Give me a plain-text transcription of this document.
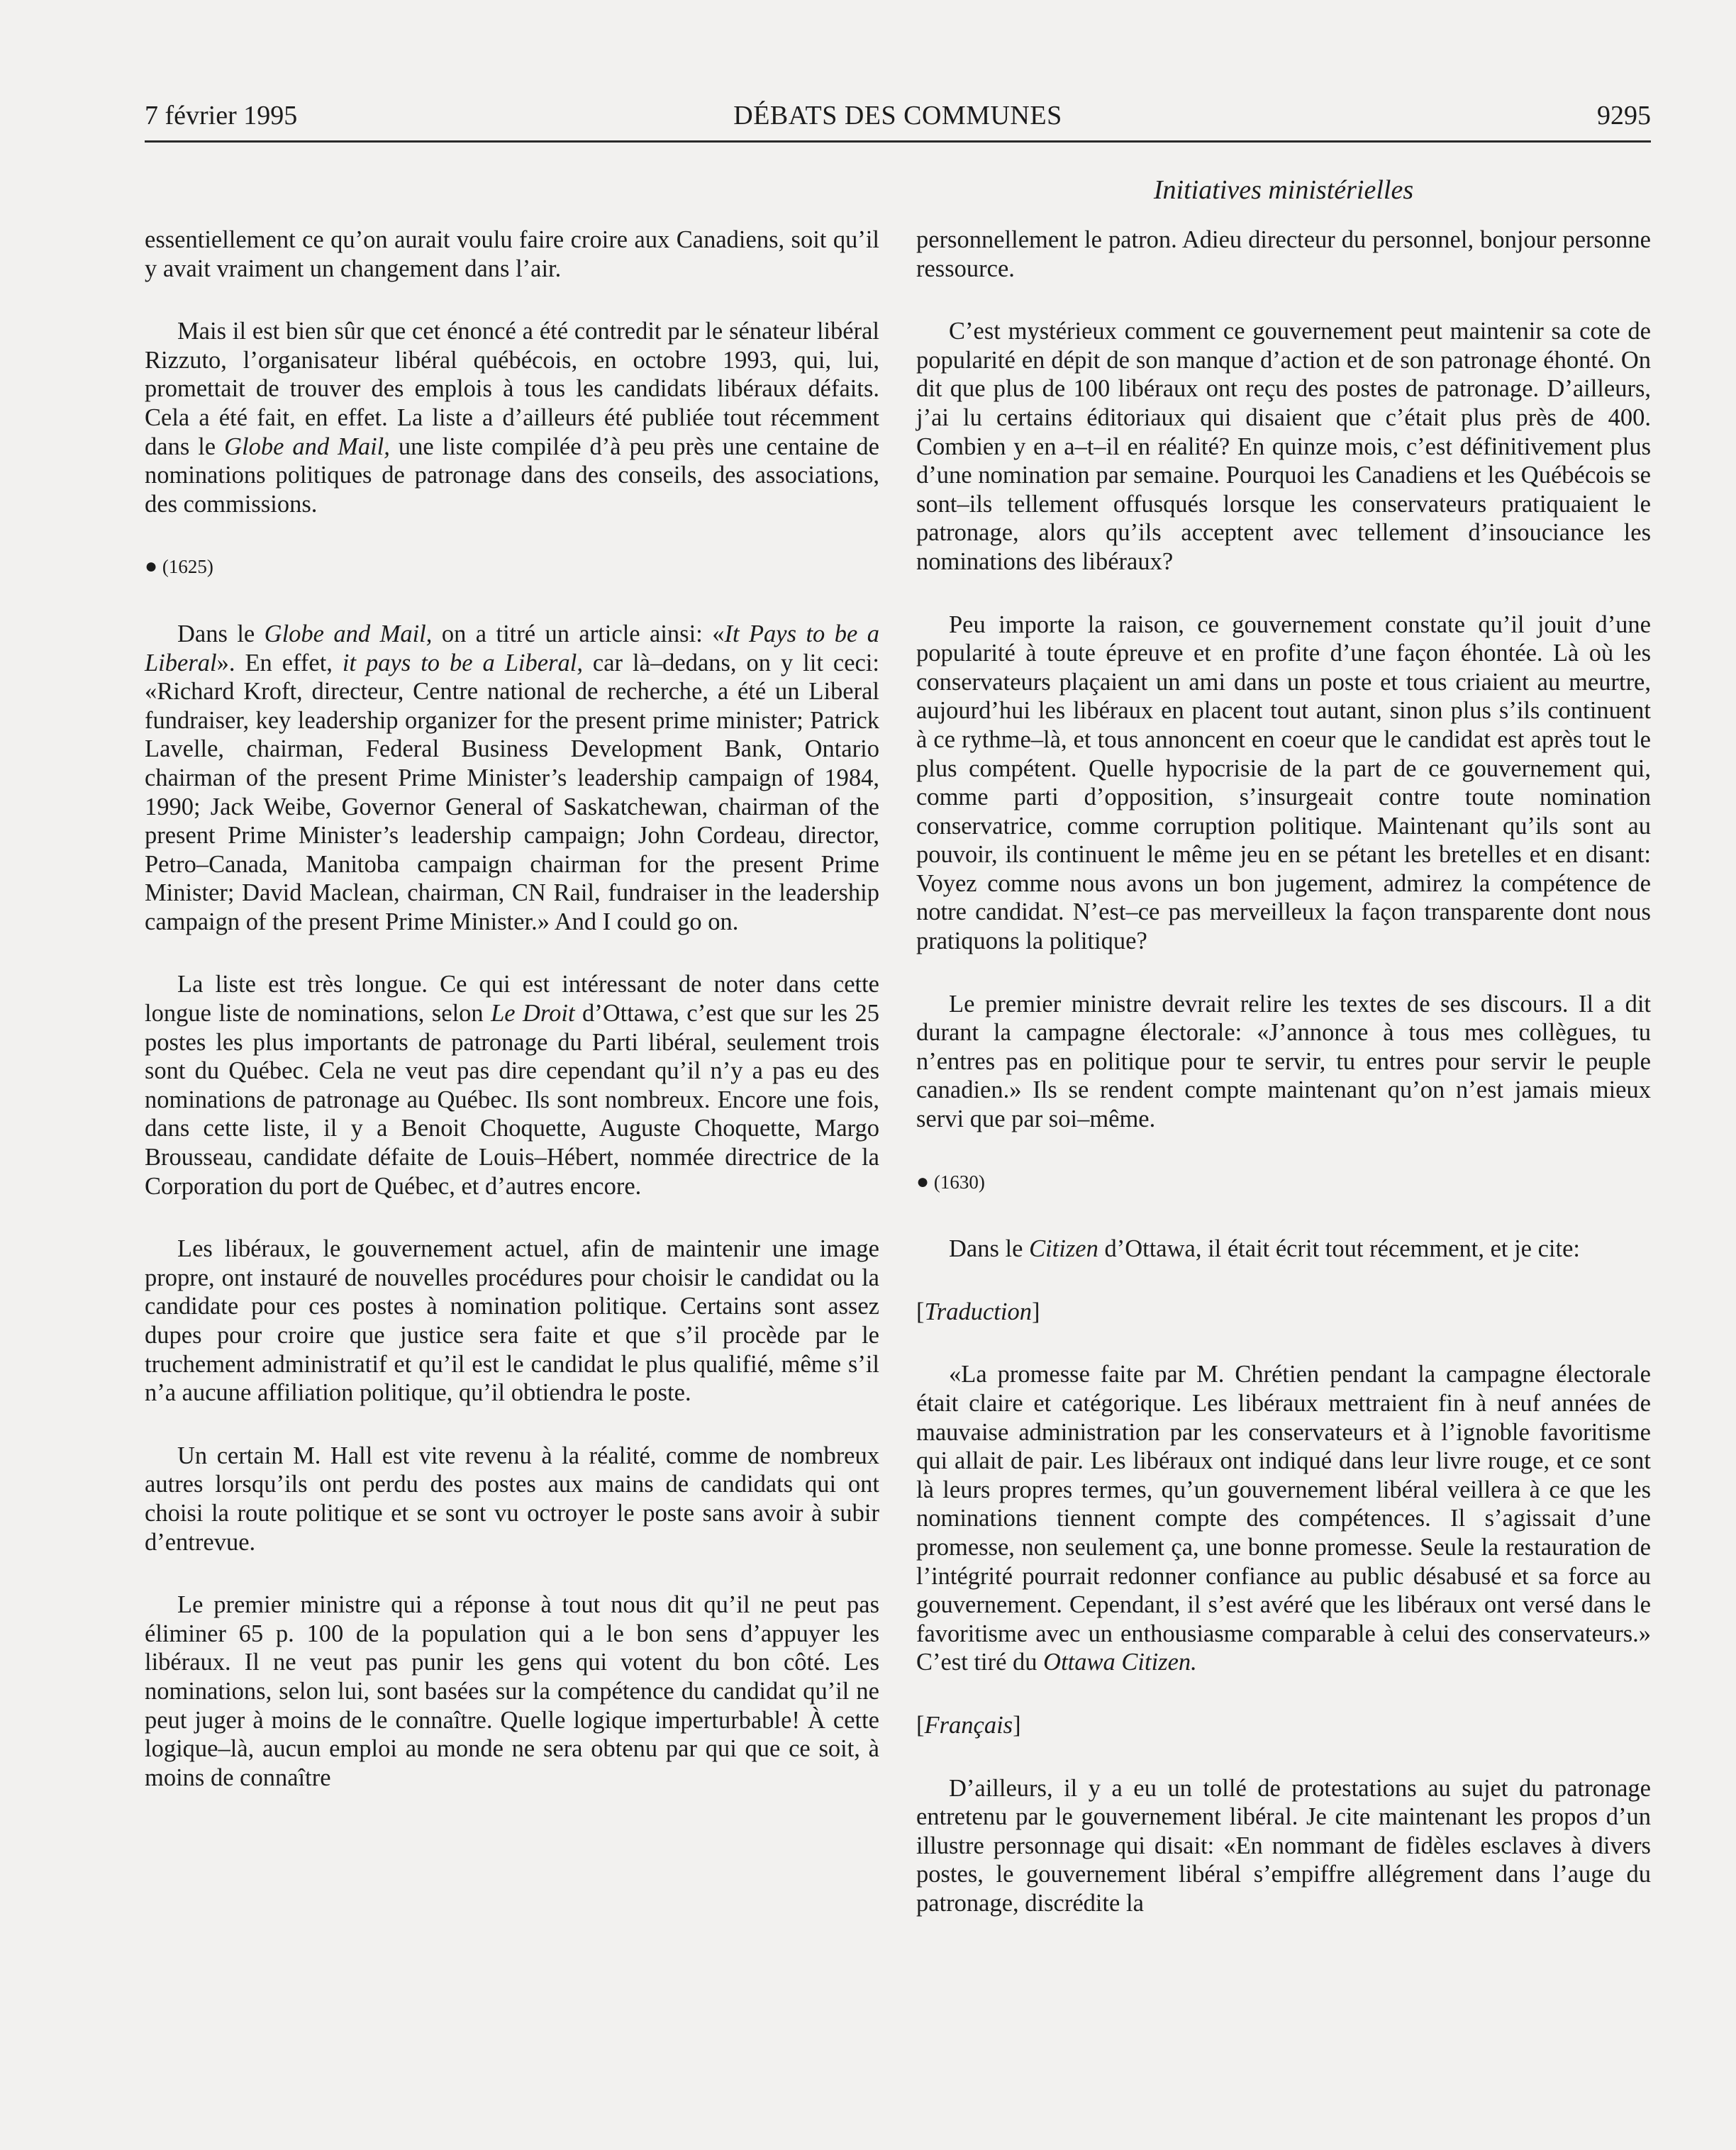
7 février 1995	DÉBATS DES COMMUNES	9295
Initiatives ministérielles

essentiellement ce qu’on aurait voulu faire croire aux Canadiens, soit qu’il y avait vraiment un changement dans l’air.

Mais il est bien sûr que cet énoncé a été contredit par le sénateur libéral Rizzuto, l’organisateur libéral québécois, en octobre 1993, qui, lui, promettait de trouver des emplois à tous les candidats libéraux défaits. Cela a été fait, en effet. La liste a d’ailleurs été publiée tout récemment dans le Globe and Mail, une liste compilée d’à peu près une centaine de nominations politiques de patronage dans des conseils, des associations, des commissions.

● (1625)

Dans le Globe and Mail, on a titré un article ainsi: «It Pays to be a Liberal». En effet, it pays to be a Liberal, car là–dedans, on y lit ceci: «Richard Kroft, directeur, Centre national de recherche, a été un Liberal fundraiser, key leadership organizer for the present prime minister; Patrick Lavelle, chairman, Federal Business Development Bank, Ontario chairman of the present Prime Minister’s leadership campaign of 1984, 1990; Jack Weibe, Governor General of Saskatchewan, chairman of the present Prime Minister’s leadership campaign; John Cordeau, director, Petro–Canada, Manitoba campaign chairman for the present Prime Minister; David Maclean, chairman, CN Rail, fundraiser in the leadership campaign of the present Prime Minister.» And I could go on.

La liste est très longue. Ce qui est intéressant de noter dans cette longue liste de nominations, selon Le Droit d’Ottawa, c’est que sur les 25 postes les plus importants de patronage du Parti libéral, seulement trois sont du Québec. Cela ne veut pas dire cependant qu’il n’y a pas eu des nominations de patronage au Québec. Ils sont nombreux. Encore une fois, dans cette liste, il y a Benoit Choquette, Auguste Choquette, Margo Brousseau, candidate défaite de Louis–Hébert, nommée directrice de la Corporation du port de Québec, et d’autres encore.

Les libéraux, le gouvernement actuel, afin de maintenir une image propre, ont instauré de nouvelles procédures pour choisir le candidat ou la candidate pour ces postes à nomination politique. Certains sont assez dupes pour croire que justice sera faite et que s’il procède par le truchement administratif et qu’il est le candidat le plus qualifié, même s’il n’a aucune affiliation politique, qu’il obtiendra le poste.

Un certain M. Hall est vite revenu à la réalité, comme de nombreux autres lorsqu’ils ont perdu des postes aux mains de candidats qui ont choisi la route politique et se sont vu octroyer le poste sans avoir à subir d’entrevue.

Le premier ministre qui a réponse à tout nous dit qu’il ne peut pas éliminer 65 p. 100 de la population qui a le bon sens d’appuyer les libéraux. Il ne veut pas punir les gens qui votent du bon côté. Les nominations, selon lui, sont basées sur la compétence du candidat qu’il ne peut juger à moins de le connaître. Quelle logique imperturbable! À cette logique–là, aucun emploi au monde ne sera obtenu par qui que ce soit, à moins de connaître

personnellement le patron. Adieu directeur du personnel, bonjour personne ressource.

C’est mystérieux comment ce gouvernement peut maintenir sa cote de popularité en dépit de son manque d’action et de son patronage éhonté. On dit que plus de 100 libéraux ont reçu des postes de patronage. D’ailleurs, j’ai lu certains éditoriaux qui disaient que c’était plus près de 400. Combien y en a–t–il en réalité? En quinze mois, c’est définitivement plus d’une nomination par semaine. Pourquoi les Canadiens et les Québécois se sont–ils tellement offusqués lorsque les conservateurs pratiquaient le patronage, alors qu’ils acceptent avec tellement d’insouciance les nominations des libéraux?

Peu importe la raison, ce gouvernement constate qu’il jouit d’une popularité à toute épreuve et en profite d’une façon éhontée. Là où les conservateurs plaçaient un ami dans un poste et tous criaient au meurtre, aujourd’hui les libéraux en placent tout autant, sinon plus s’ils continuent à ce rythme–là, et tous annoncent en coeur que le candidat est après tout le plus compétent. Quelle hypocrisie de la part de ce gouvernement qui, comme parti d’opposition, s’insurgeait contre toute nomination conservatrice, comme corruption politique. Maintenant qu’ils sont au pouvoir, ils continuent le même jeu en se pétant les bretelles et en disant: Voyez comme nous avons un bon jugement, admirez la compétence de notre candidat. N’est–ce pas merveilleux la façon transparente dont nous pratiquons la politique?

Le premier ministre devrait relire les textes de ses discours. Il a dit durant la campagne électorale: «J’annonce à tous mes collègues, tu n’entres pas en politique pour te servir, tu entres pour servir le peuple canadien.» Ils se rendent compte maintenant qu’on n’est jamais mieux servi que par soi–même.

● (1630)

Dans le Citizen d’Ottawa, il était écrit tout récemment, et je cite:

[Traduction]

«La promesse faite par M. Chrétien pendant la campagne électorale était claire et catégorique. Les libéraux mettraient fin à neuf années de mauvaise administration par les conservateurs et à l’ignoble favoritisme qui allait de pair. Les libéraux ont indiqué dans leur livre rouge, et ce sont là leurs propres termes, qu’un gouvernement libéral veillera à ce que les nominations tiennent compte des compétences. Il s’agissait d’une promesse, non seulement ça, une bonne promesse. Seule la restauration de l’intégrité pourrait redonner confiance au public désabusé et sa force au gouvernement. Cependant, il s’est avéré que les libéraux ont versé dans le favoritisme avec un enthousiasme comparable à celui des conservateurs.» C’est tiré du Ottawa Citizen.

[Français]

D’ailleurs, il y a eu un tollé de protestations au sujet du patronage entretenu par le gouvernement libéral. Je cite maintenant les propos d’un illustre personnage qui disait: «En nommant de fidèles esclaves à divers postes, le gouvernement libéral s’empiffre allégrement dans l’auge du patronage, discrédite la
